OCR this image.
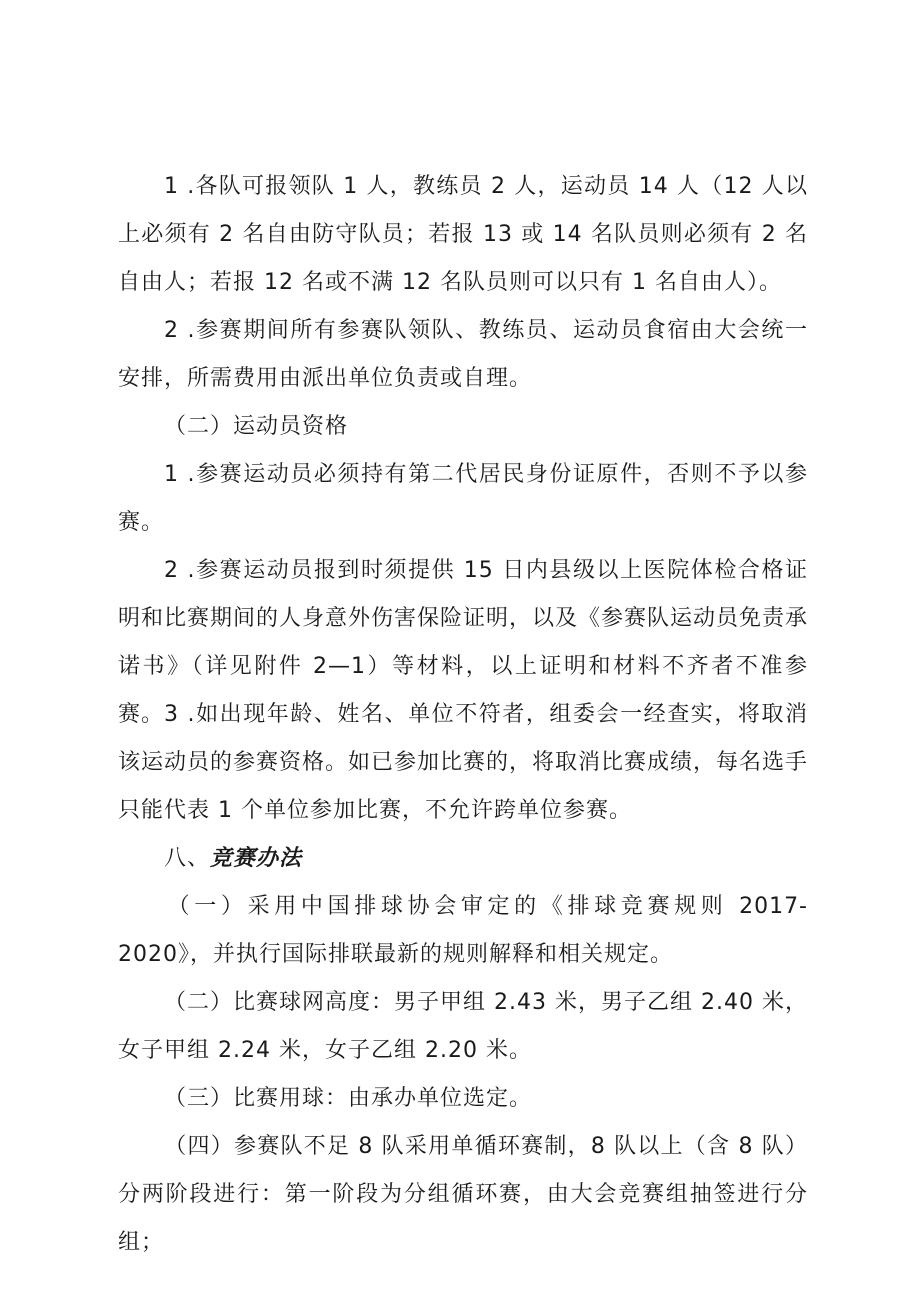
1 .各队可报领队 1 人，教练员 2 人，运动员 14 人（12 人以上必须有 2 名自由防守队员；若报 13 或 14 名队员则必须有 2 名自由人；若报 12 名或不满 12 名队员则可以只有 1 名自由人）。

2 .参赛期间所有参赛队领队、教练员、运动员食宿由大会统一安排，所需费用由派出单位负责或自理。

（二）运动员资格

1 .参赛运动员必须持有第二代居民身份证原件，否则不予以参赛。

2 .参赛运动员报到时须提供 15 日内县级以上医院体检合格证明和比赛期间的人身意外伤害保险证明，以及《参赛队运动员免责承诺书》（详见附件 2—1）等材料，以上证明和材料不齐者不准参赛。 3 .如出现年龄、姓名、单位不符者，组委会一经查实，将取消该运动员的参赛资格。如已参加比赛的，将取消比赛成绩，每名选手只能代表 1 个单位参加比赛，不允许跨单位参赛。

八、竞赛办法

（一）采用中国排球协会审定的《排球竞赛规则 2017-2020》，并执行国际排联最新的规则解释和相关规定。

（二）比赛球网高度：男子甲组 2.43 米，男子乙组 2.40 米，女子甲组 2.24 米，女子乙组 2.20 米。

（三）比赛用球：由承办单位选定。

（四）参赛队不足 8 队采用单循环赛制，8 队以上（含 8 队）分两阶段进行：第一阶段为分组循环赛，由大会竞赛组抽签进行分组；
